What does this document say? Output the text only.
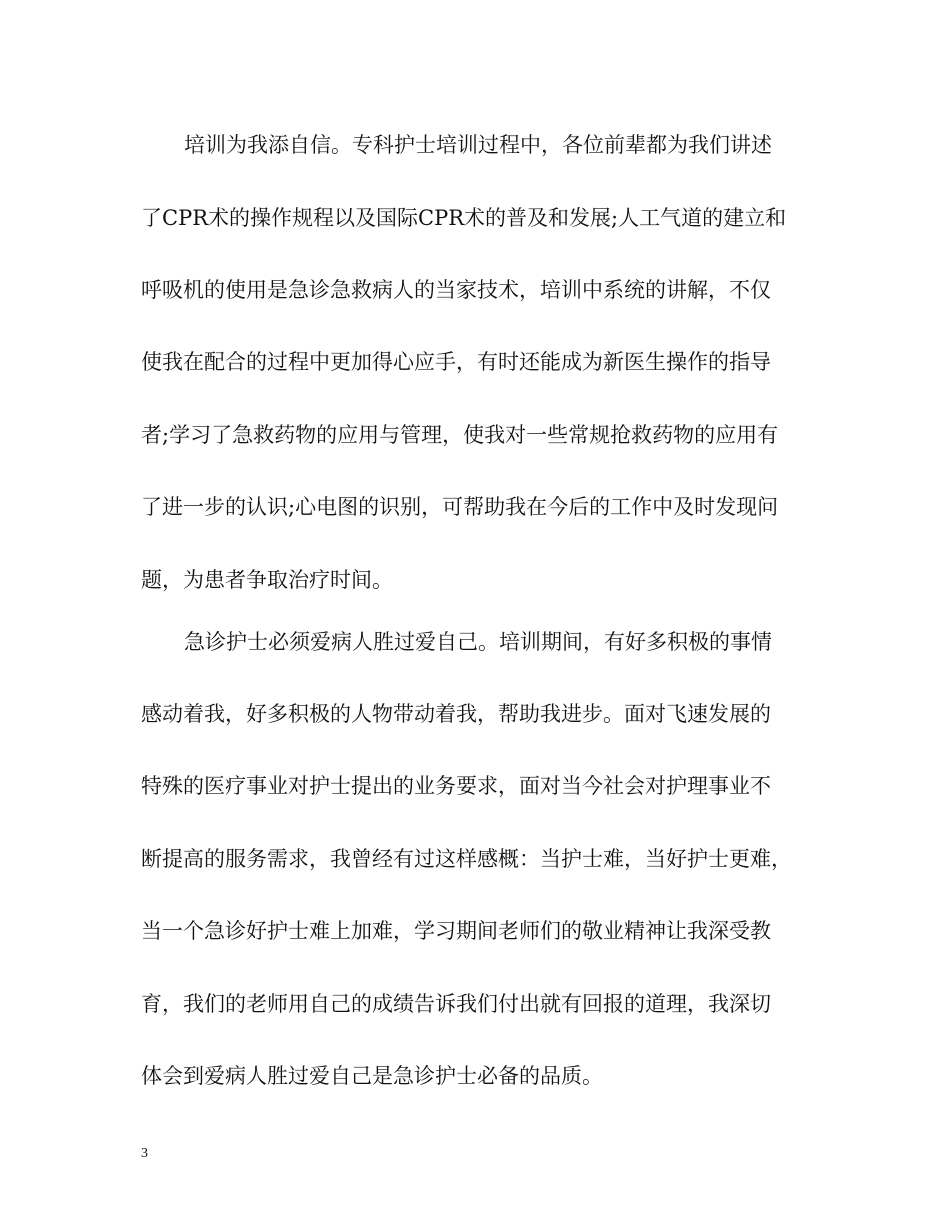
培训为我添自信。专科护士培训过程中，各位前辈都为我们讲述
了CPR术的操作规程以及国际CPR术的普及和发展;人工气道的建立和
呼吸机的使用是急诊急救病人的当家技术，培训中系统的讲解，不仅
使我在配合的过程中更加得心应手，有时还能成为新医生操作的指导
者;学习了急救药物的应用与管理，使我对一些常规抢救药物的应用有
了进一步的认识;心电图的识别，可帮助我在今后的工作中及时发现问
题，为患者争取治疗时间。
急诊护士必须爱病人胜过爱自己。培训期间，有好多积极的事情
感动着我，好多积极的人物带动着我，帮助我进步。面对飞速发展的
特殊的医疗事业对护士提出的业务要求，面对当今社会对护理事业不
断提高的服务需求，我曾经有过这样感概：当护士难，当好护士更难，
当一个急诊好护士难上加难，学习期间老师们的敬业精神让我深受教
育，我们的老师用自己的成绩告诉我们付出就有回报的道理，我深切
体会到爱病人胜过爱自己是急诊护士必备的品质。
3
